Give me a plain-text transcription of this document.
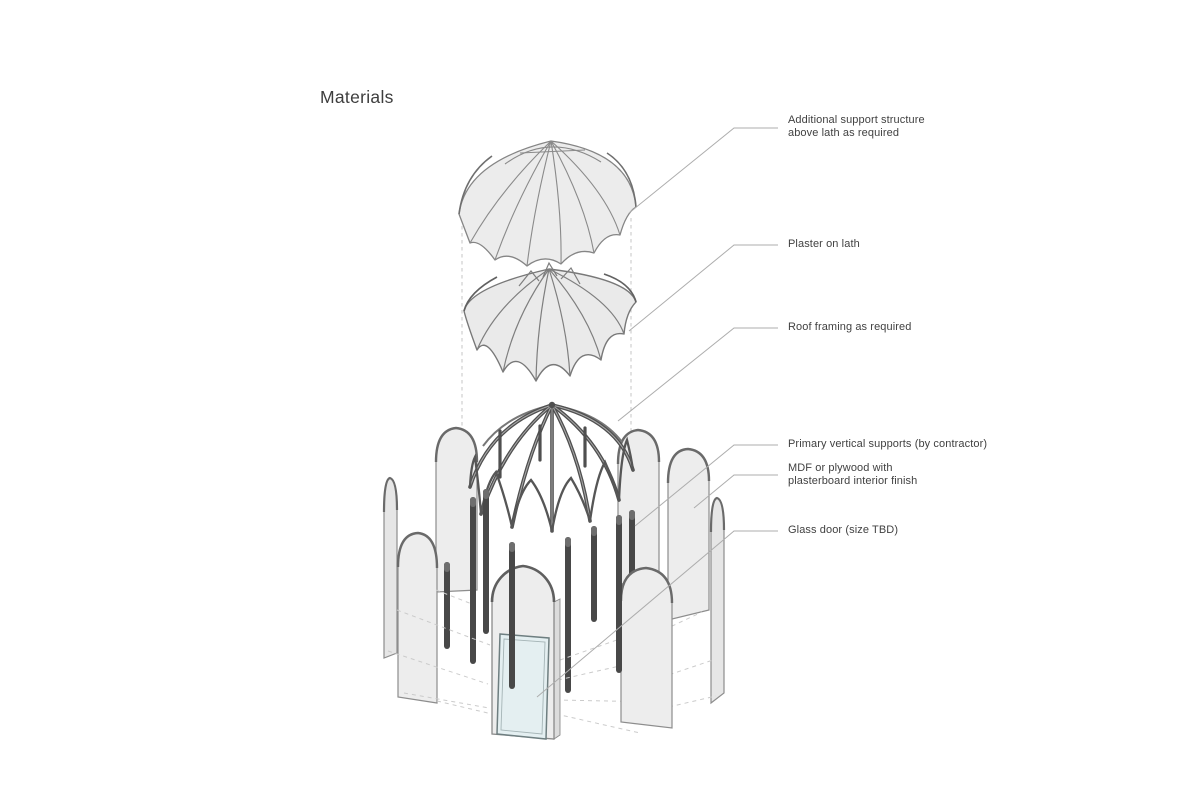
Materials
Additional support structure
above lath as required
Plaster on lath
Roof framing as required
Primary vertical supports (by contractor)
MDF or plywood with
plasterboard interior finish
Glass door (size TBD)
